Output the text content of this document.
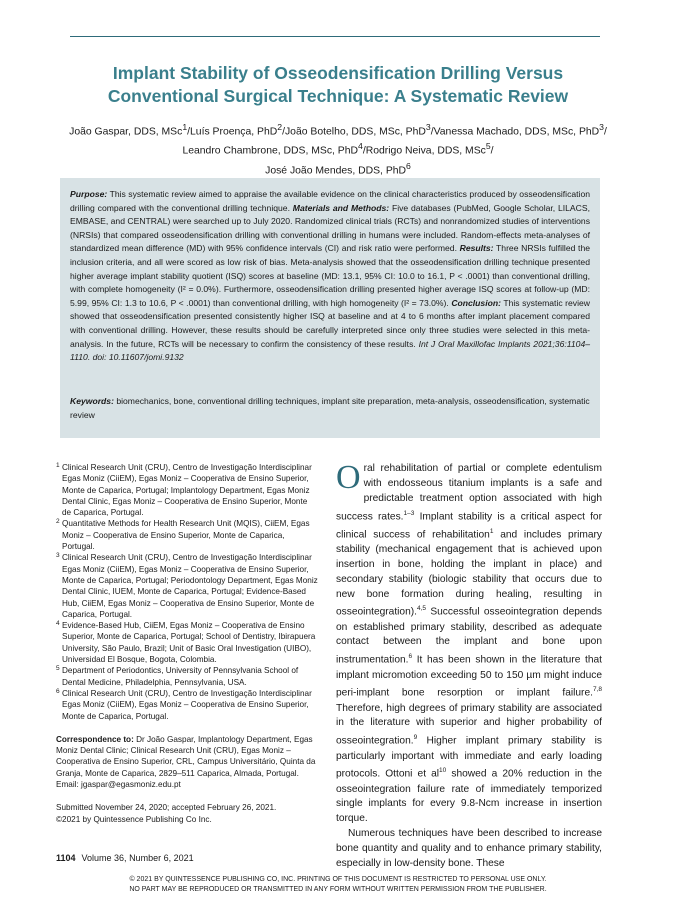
Implant Stability of Osseodensification Drilling Versus
Conventional Surgical Technique: A Systematic Review
João Gaspar, DDS, MSc$^1$/Luís Proença, PhD$^2$/João Botelho, DDS, MSc, PhD$^3$/Vanessa Machado, DDS, MSc, PhD$^3$/
Leandro Chambrone, DDS, MSc, PhD$^4$/Rodrigo Neiva, DDS, MSc$^5$/
José João Mendes, DDS, PhD$^6$
Purpose: This systematic review aimed to appraise the available evidence on the clinical characteristics produced by osseodensification drilling compared with the conventional drilling technique. Materials and Methods: Five databases (PubMed, Google Scholar, LILACS, EMBASE, and CENTRAL) were searched up to July 2020. Randomized clinical trials (RCTs) and nonrandomized studies of interventions (NRSIs) that compared osseodensification drilling with conventional drilling in humans were included. Random-effects meta-analyses of standardized mean difference (MD) with 95% confidence intervals (CI) and risk ratio were performed. Results: Three NRSIs fulfilled the inclusion criteria, and all were scored as low risk of bias. Meta-analysis showed that the osseodensification drilling technique presented higher average implant stability quotient (ISQ) scores at baseline (MD: 13.1, 95% CI: 10.0 to 16.1, P < .0001) than conventional drilling, with complete homogeneity (I² = 0.0%). Furthermore, osseodensification drilling presented higher average ISQ scores at follow-up (MD: 5.99, 95% CI: 1.3 to 10.6, P < .0001) than conventional drilling, with high homogeneity (I² = 73.0%). Conclusion: This systematic review showed that osseodensification presented consistently higher ISQ at baseline and at 4 to 6 months after implant placement compared with conventional drilling. However, these results should be carefully interpreted since only three studies were selected in this meta-analysis. In the future, RCTs will be necessary to confirm the consistency of these results. Int J Oral Maxillofac Implants 2021;36:1104–1110. doi: 10.11607/jomi.9132
Keywords: biomechanics, bone, conventional drilling techniques, implant site preparation, meta-analysis, osseodensification, systematic review

1 Clinical Research Unit (CRU), Centro de Investigação Interdisciplinar Egas Moniz (CiiEM), Egas Moniz – Cooperativa de Ensino Superior, Monte de Caparica, Portugal; Implantology Department, Egas Moniz Dental Clinic, Egas Moniz – Cooperativa de Ensino Superior, Monte de Caparica, Portugal.

2 Quantitative Methods for Health Research Unit (MQIS), CiiEM, Egas Moniz – Cooperativa de Ensino Superior, Monte de Caparica, Portugal.

3 Clinical Research Unit (CRU), Centro de Investigação Interdisciplinar Egas Moniz (CiiEM), Egas Moniz – Cooperativa de Ensino Superior, Monte de Caparica, Portugal; Periodontology Department, Egas Moniz Dental Clinic, IUEM, Monte de Caparica, Portugal; Evidence-Based Hub, CiiEM, Egas Moniz – Cooperativa de Ensino Superior, Monte de Caparica, Portugal.

4 Evidence-Based Hub, CiiEM, Egas Moniz – Cooperativa de Ensino Superior, Monte de Caparica, Portugal; School of Dentistry, Ibirapuera University, São Paulo, Brazil; Unit of Basic Oral Investigation (UIBO), Universidad El Bosque, Bogota, Colombia.

5 Department of Periodontics, University of Pennsylvania School of Dental Medicine, Philadelphia, Pennsylvania, USA.

6 Clinical Research Unit (CRU), Centro de Investigação Interdisciplinar Egas Moniz (CiiEM), Egas Moniz – Cooperativa de Ensino Superior, Monte de Caparica, Portugal.

Correspondence to: Dr João Gaspar, Implantology Department, Egas Moniz Dental Clinic; Clinical Research Unit (CRU), Egas Moniz – Cooperativa de Ensino Superior, CRL, Campus Universitário, Quinta da Granja, Monte de Caparica, 2829–511 Caparica, Almada, Portugal. Email: jgaspar@egasmoniz.edu.pt
Submitted November 24, 2020; accepted February 26, 2021.
©2021 by Quintessence Publishing Co Inc.

Oral rehabilitation of partial or complete edentulism with endosseous titanium implants is a safe and predictable treatment option associated with high success rates.$^{1-3}$ Implant stability is a critical aspect for clinical success of rehabilitation$^1$ and includes primary stability (mechanical engagement that is achieved upon insertion in bone, holding the implant in place) and secondary stability (biologic stability that occurs due to new bone formation during healing, resulting in osseointegration).$^{4,5}$ Successful osseointegration depends on established primary stability, described as adequate contact between the implant and bone upon instrumentation.$^6$ It has been shown in the literature that implant micromotion exceeding 50 to 150 µm might induce peri-implant bone resorption or implant failure.$^{7,8}$ Therefore, high degrees of primary stability are associated in the literature with superior and higher probability of osseointegration.$^9$ Higher implant primary stability is particularly important with immediate and early loading protocols. Ottoni et $al^{10}$ showed a 20% reduction in the osseointegration failure rate of immediately temporized single implants for every 9.8-Ncm increase in insertion torque.

Numerous techniques have been described to increase bone quantity and quality and to enhance primary stability, especially in low-density bone. These

1104 Volume 36, Number 6, 2021
© 2021 BY QUINTESSENCE PUBLISHING CO, INC. PRINTING OF THIS DOCUMENT IS RESTRICTED TO PERSONAL USE ONLY.
NO PART MAY BE REPRODUCED OR TRANSMITTED IN ANY FORM WITHOUT WRITTEN PERMISSION FROM THE PUBLISHER.
